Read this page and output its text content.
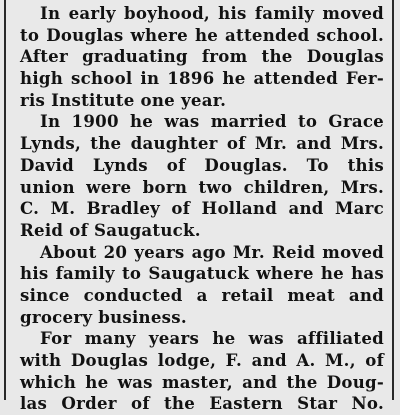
In early boyhood, his family moved
to Douglas where he attended school.
After graduating from the Douglas
high school in 1896 he attended Fer-
ris Institute one year.

In 1900 he was married to Grace
Lynds, the daughter of Mr. and Mrs.
David Lynds of Douglas. To this
union were born two children, Mrs.
C. M. Bradley of Holland and Marc
Reid of Saugatuck.

About 20 years ago Mr. Reid moved
his family to Saugatuck where he has
since conducted a retail meat and
grocery business.

For many years he was affiliated
with Douglas lodge, F. and A. M., of
which he was master, and the Doug-
las Order of the Eastern Star No.
